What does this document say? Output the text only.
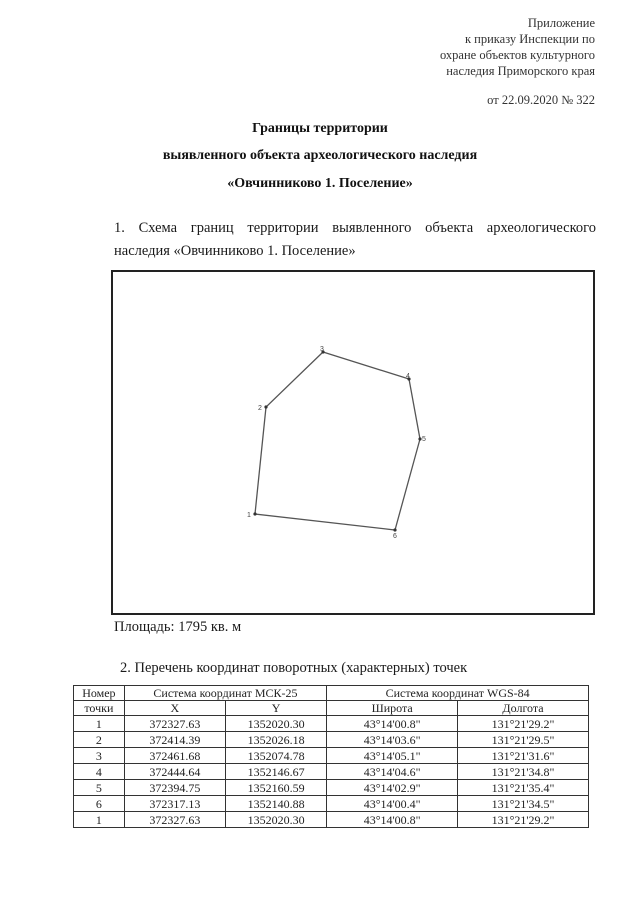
Приложение
к приказу Инспекции по
охране объектов культурного
наследия Приморского края
от 22.09.2020 № 322
Границы территории
выявленного объекта археологического наследия
«Овчинниково 1. Поселение»
1. Схема границ территории выявленного объекта археологического
наследия «Овчинниково 1. Поселение»
1
2
3
4
5
6
Площадь: 1795 кв. м
2. Перечень координат поворотных (характерных) точек
Номер	Система координат МСК-25		Система координат WGS-84	
точки	X	Y	Широта	Долгота
1	372327.63	1352020.30	43°14'00.8"	131°21'29.2"
2	372414.39	1352026.18	43°14'03.6"	131°21'29.5"
3	372461.68	1352074.78	43°14'05.1"	131°21'31.6"
4	372444.64	1352146.67	43°14'04.6"	131°21'34.8"
5	372394.75	1352160.59	43°14'02.9"	131°21'35.4"
6	372317.13	1352140.88	43°14'00.4"	131°21'34.5"
1	372327.63	1352020.30	43°14'00.8"	131°21'29.2"
